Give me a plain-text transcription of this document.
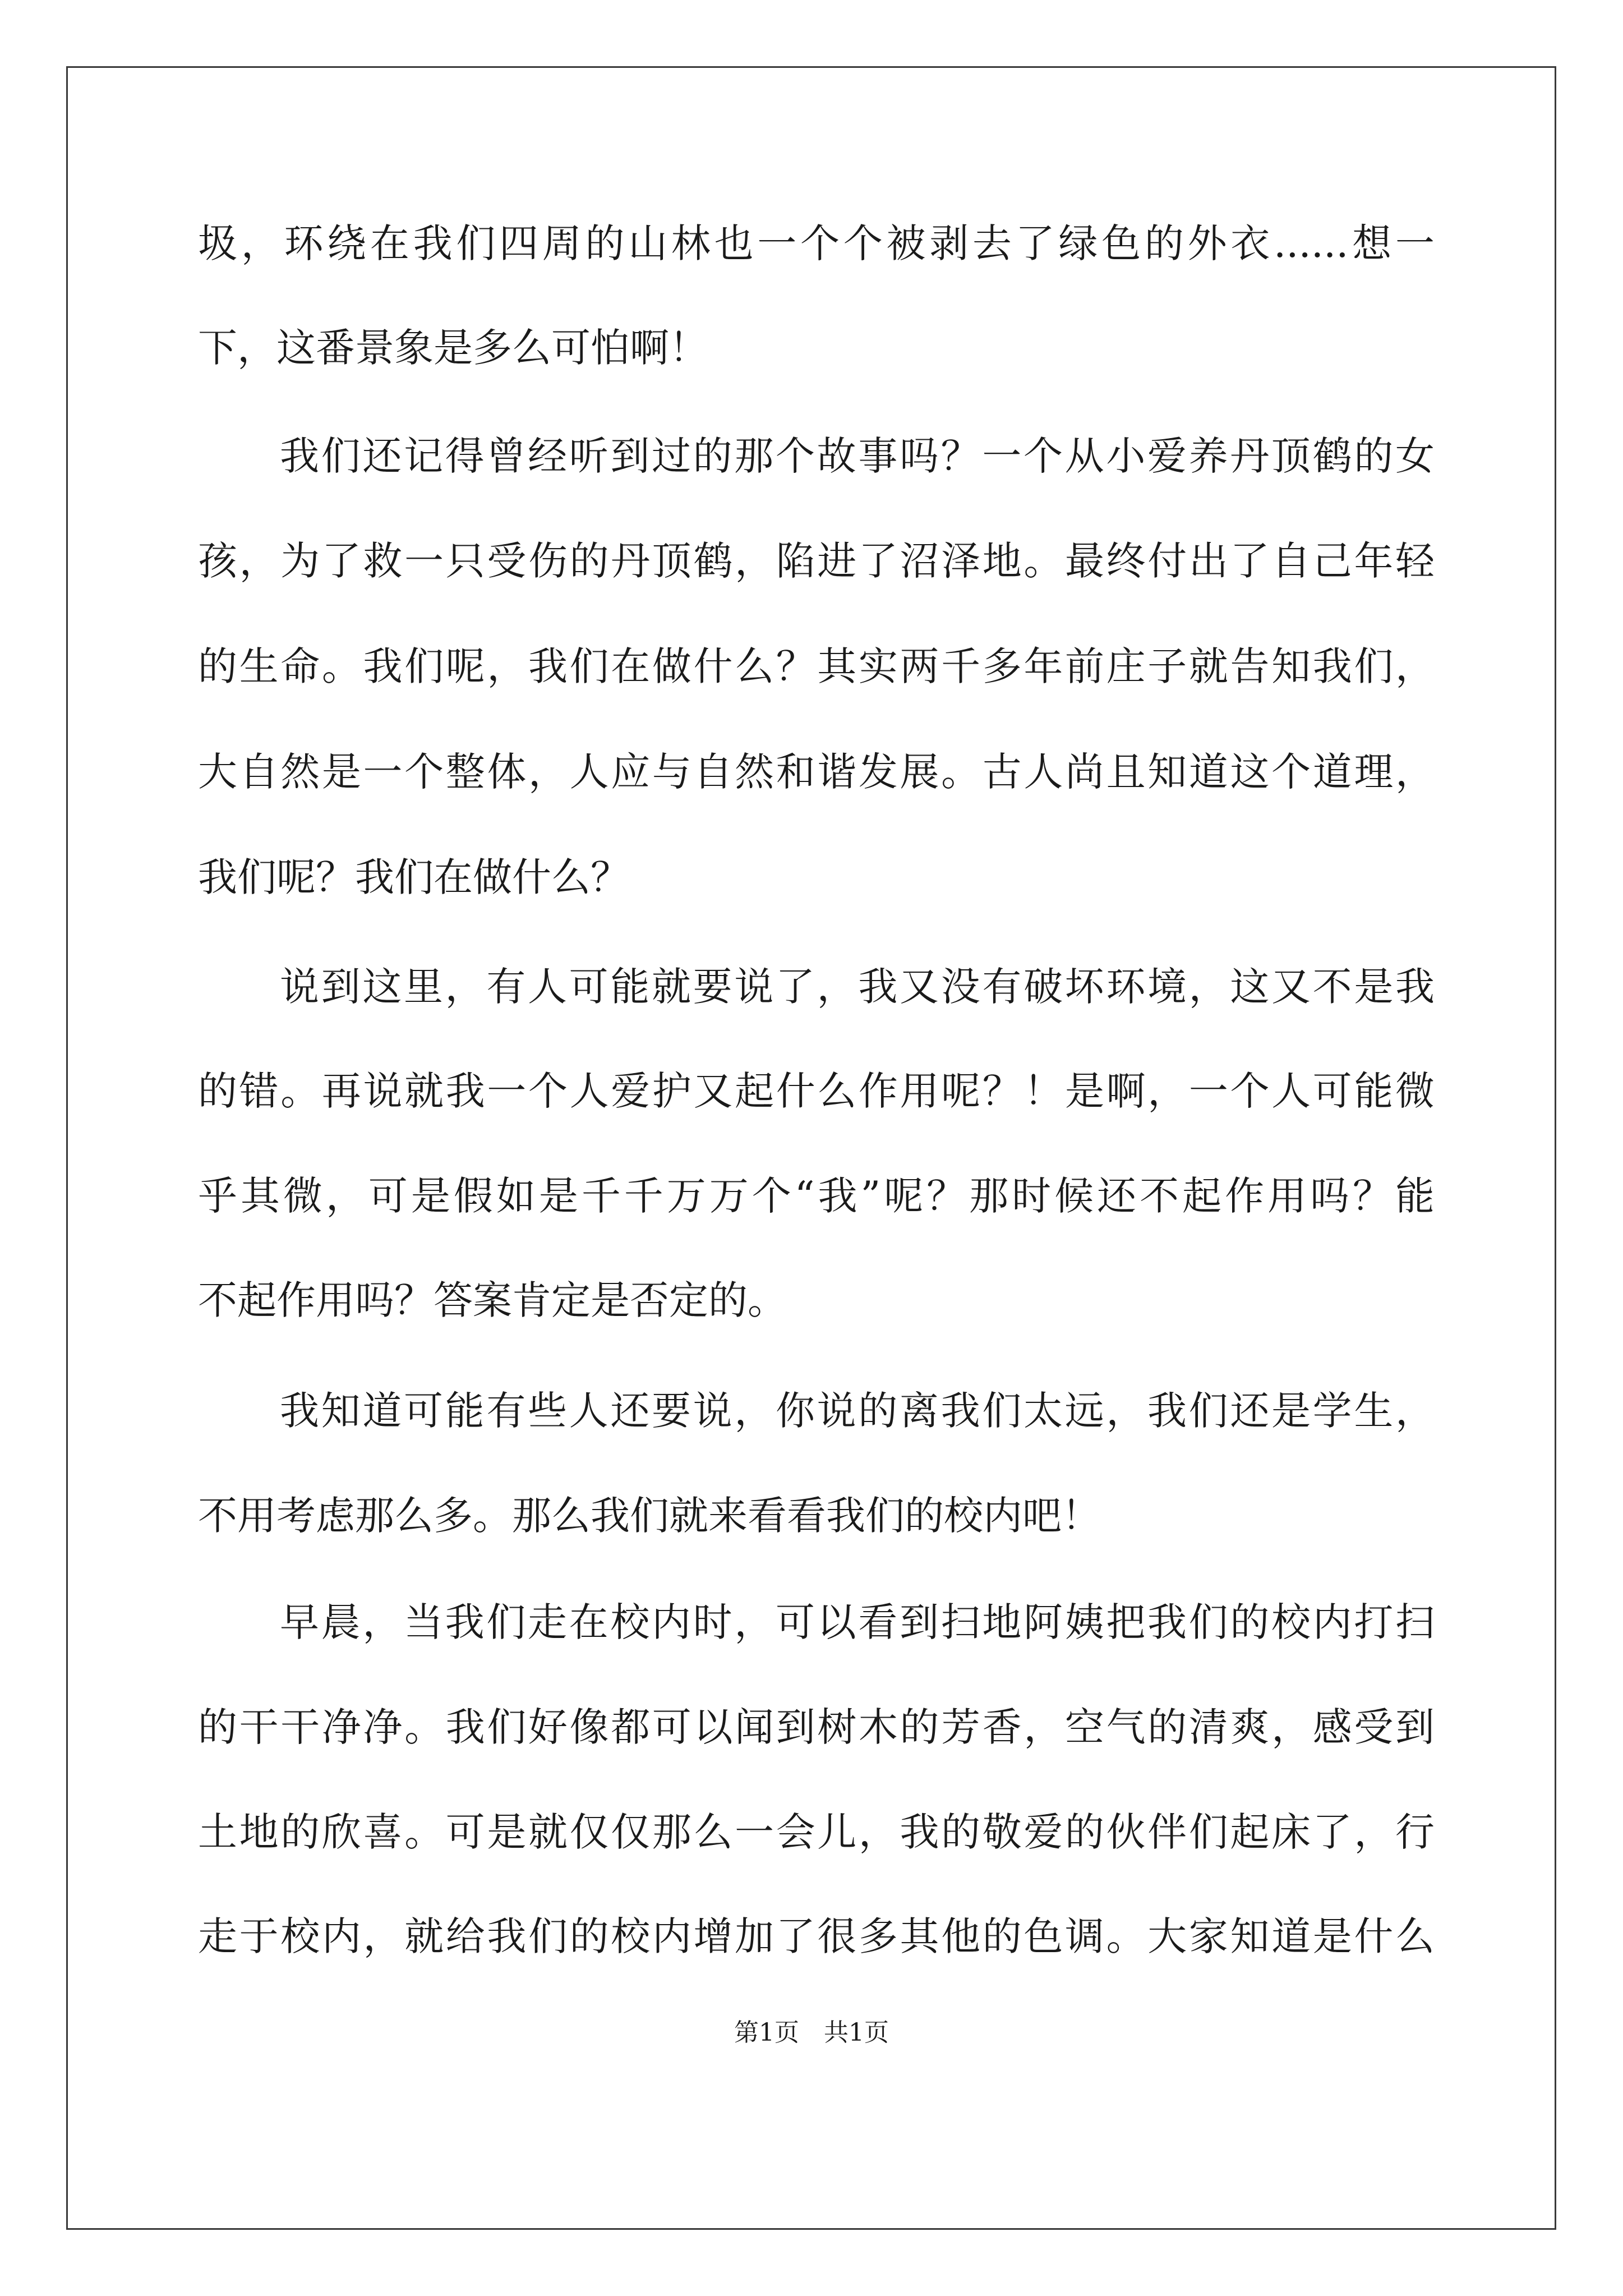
圾，环绕在我们四周的山林也一个个被剥去了绿色的外衣......想一
下，这番景象是多么可怕啊！
我们还记得曾经听到过的那个故事吗？一个从小爱养丹顶鹤的女
孩，为了救一只受伤的丹顶鹤，陷进了沼泽地。最终付出了自己年轻
的生命。我们呢，我们在做什么？其实两千多年前庄子就告知我们，
大自然是一个整体，人应与自然和谐发展。古人尚且知道这个道理，
我们呢？我们在做什么？
说到这里，有人可能就要说了，我又没有破坏环境，这又不是我
的错。再说就我一个人爱护又起什么作用呢？！是啊，一个人可能微
乎其微，可是假如是千千万万个“我”呢？那时候还不起作用吗？能
不起作用吗？答案肯定是否定的。
我知道可能有些人还要说，你说的离我们太远，我们还是学生，
不用考虑那么多。那么我们就来看看我们的校内吧！
早晨，当我们走在校内时，可以看到扫地阿姨把我们的校内打扫
的干干净净。我们好像都可以闻到树木的芳香，空气的清爽，感受到
土地的欣喜。可是就仅仅那么一会儿，我的敬爱的伙伴们起床了，行
走于校内，就给我们的校内增加了很多其他的色调。大家知道是什么
第1页　共1页
